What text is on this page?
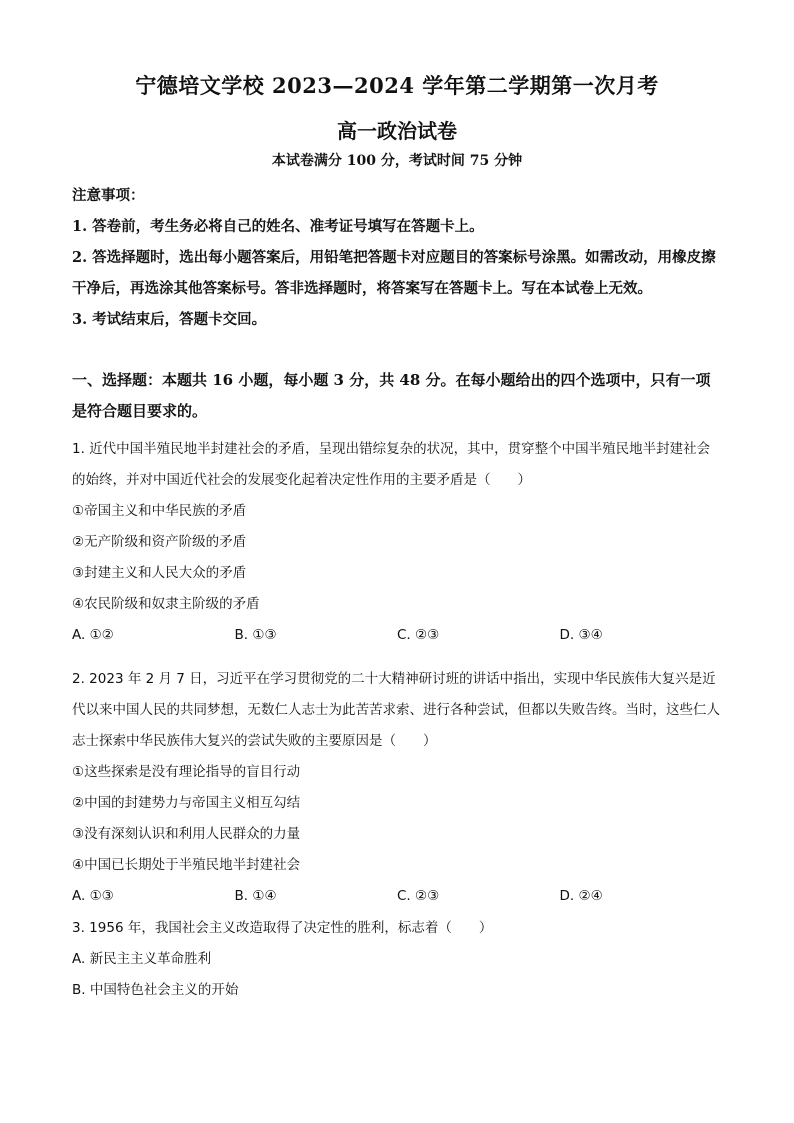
宁德培文学校 2023—2024 学年第二学期第一次月考
高一政治试卷
本试卷满分 100 分，考试时间 75 分钟

注意事项：

1. 答卷前，考生务必将自己的姓名、准考证号填写在答题卡上。

2. 答选择题时，选出每小题答案后，用铅笔把答题卡对应题目的答案标号涂黑。如需改动，用橡皮擦干净后，再选涂其他答案标号。答非选择题时，将答案写在答题卡上。写在本试卷上无效。

3. 考试结束后，答题卡交回。

一、选择题：本题共 16 小题，每小题 3 分，共 48 分。在每小题给出的四个选项中，只有一项是符合题目要求的。

1. 近代中国半殖民地半封建社会的矛盾，呈现出错综复杂的状况，其中，贯穿整个中国半殖民地半封建社会的始终，并对中国近代社会的发展变化起着决定性作用的主要矛盾是（　　）

①帝国主义和中华民族的矛盾

②无产阶级和资产阶级的矛盾

③封建主义和人民大众的矛盾

④农民阶级和奴隶主阶级的矛盾

A. ①②	B. ①③	C. ②③	D. ③④

2. 2023 年 2 月 7 日，习近平在学习贯彻党的二十大精神研讨班的讲话中指出，实现中华民族伟大复兴是近代以来中国人民的共同梦想，无数仁人志士为此苦苦求索、进行各种尝试，但都以失败告终。当时，这些仁人志士探索中华民族伟大复兴的尝试失败的主要原因是（　　）

①这些探索是没有理论指导的盲目行动

②中国的封建势力与帝国主义相互勾结

③没有深刻认识和利用人民群众的力量

④中国已长期处于半殖民地半封建社会

A. ①③	B. ①④	C. ②③	D. ②④

3. 1956 年，我国社会主义改造取得了决定性的胜利，标志着（　　）

A. 新民主主义革命胜利

B. 中国特色社会主义的开始
